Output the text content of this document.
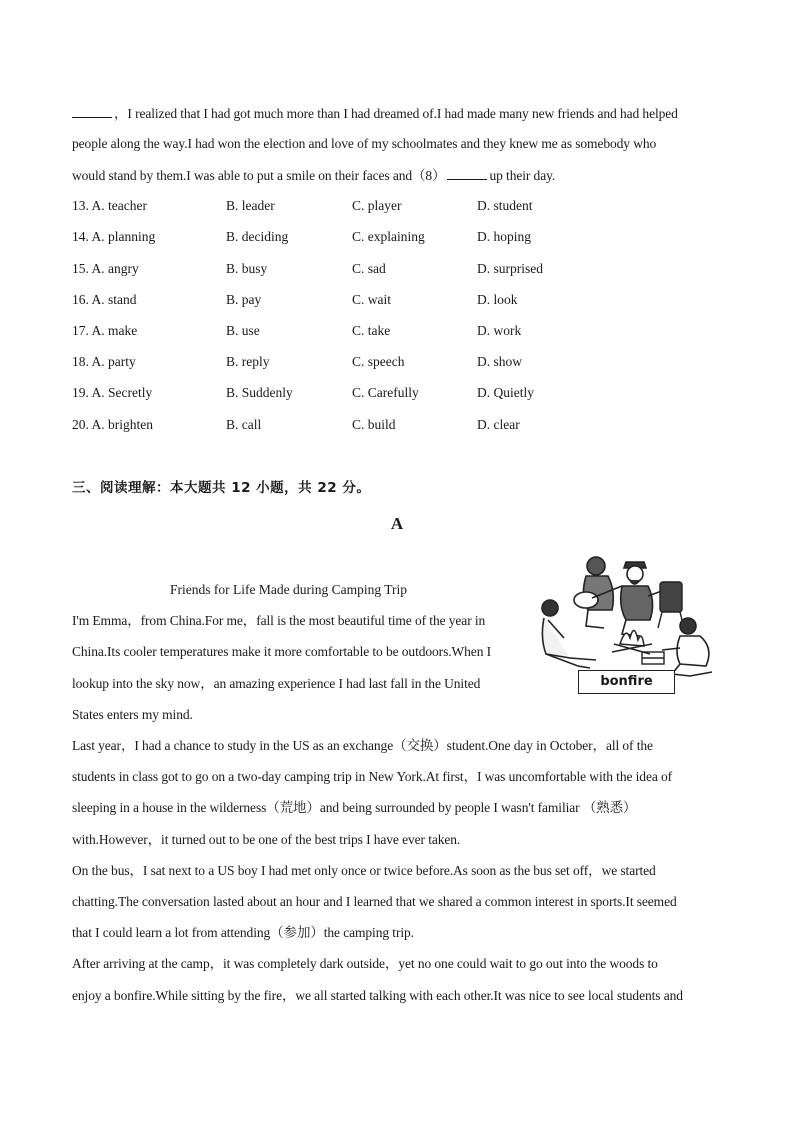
，I realized that I had got much more than I had dreamed of.I had made many new friends and had helped
people along the way.I had won the election and love of my schoolmates and they knew me as somebody who
would stand by them.I was able to put a smile on their faces and（8）	up their day.
13. A. teacher	B. leader	C. player	D. student
14. A. planning	B. deciding	C. explaining	D. hoping
15. A. angry	B. busy	C. sad	D. surprised
16. A. stand	B. pay	C. wait	D. look
17. A. make	B. use	C. take	D. work
18. A. party	B. reply	C. speech	D. show
19. A. Secretly	B. Suddenly	C. Carefully	D. Quietly
20. A. brighten	B. call	C. build	D. clear
三、阅读理解：本大题共 12 小题，共 22 分。
A
Friends for Life Made during Camping Trip
bonfire
I'm Emma，from China.For me，fall is the most beautiful time of the year in
China.Its cooler temperatures make it more comfortable to be outdoors.When I
lookup into the sky now，an amazing experience I had last fall in the United
States enters my mind.
Last year，I had a chance to study in the US as an exchange（交换）student.One day in October，all of the
students in class got to go on a two-day camping trip in New York.At first，I was uncomfortable with the idea of
sleeping in a house in the wilderness（荒地）and being surrounded by people I wasn't familiar （熟悉）
with.However，it turned out to be one of the best trips I have ever taken.
On the bus，I sat next to a US boy I had met only once or twice before.As soon as the bus set off，we started
chatting.The conversation lasted about an hour and I learned that we shared a common interest in sports.It seemed
that I could learn a lot from attending（参加）the camping trip.
After arriving at the camp，it was completely dark outside，yet no one could wait to go out into the woods to
enjoy a bonfire.While sitting by the fire，we all started talking with each other.It was nice to see local students and
